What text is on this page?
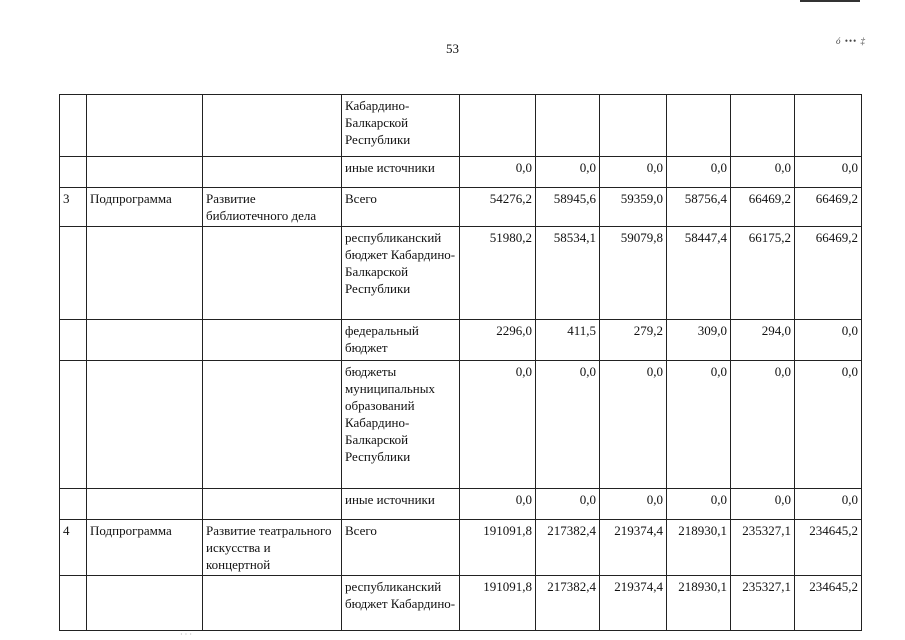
53	ó ••• ‡
			Кабардино-Балкарской Республики						
			иные источники	0,0	0,0	0,0	0,0	0,0	0,0
3	Подпрограмма	Развитие библиотечного дела	Всего	54276,2	58945,6	59359,0	58756,4	66469,2	66469,2
			республиканский бюджет Кабардино-Балкарской Республики	51980,2	58534,1	59079,8	58447,4	66175,2	66469,2
			федеральный бюджет	2296,0	411,5	279,2	309,0	294,0	0,0
			бюджеты муниципальных образований Кабардино-Балкарской Республики	0,0	0,0	0,0	0,0	0,0	0,0
			иные источники	0,0	0,0	0,0	0,0	0,0	0,0
4	Подпрограмма	Развитие театрального искусства и концертной	Всего	191091,8	217382,4	219374,4	218930,1	235327,1	234645,2
			республиканский бюджет Кабардино-	191091,8	217382,4	219374,4	218930,1	235327,1	234645,2
· · ·
